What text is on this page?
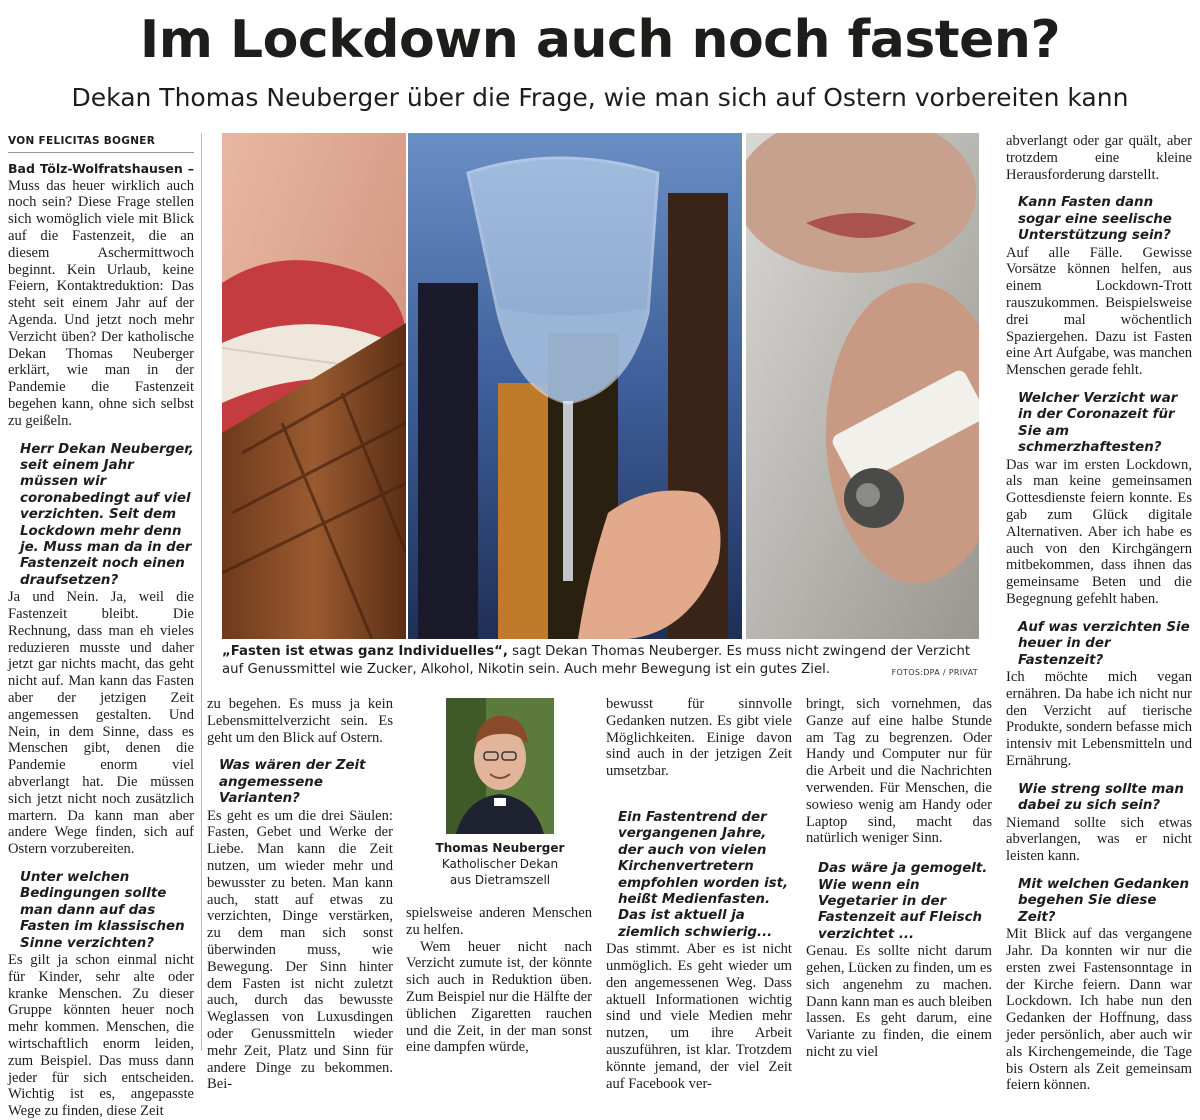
Im Lockdown auch noch fasten?
Dekan Thomas Neuberger über die Frage, wie man sich auf Ostern vorbereiten kann
VON FELICITAS BOGNER

Bad Tölz-Wolfratshausen – Muss das heuer wirklich auch noch sein? Diese Frage stellen sich womöglich viele mit Blick auf die Fastenzeit, die an diesem Aschermittwoch beginnt. Kein Urlaub, keine Feiern, Kontaktreduktion: Das steht seit einem Jahr auf der Agenda. Und jetzt noch mehr Verzicht üben? Der katholische Dekan Thomas Neuberger erklärt, wie man in der Pandemie die Fastenzeit begehen kann, ohne sich selbst zu geißeln.

Herr Dekan Neuberger, seit einem Jahr müssen wir coronabedingt auf viel verzichten. Seit dem Lockdown mehr denn je. Muss man da in der Fastenzeit noch einen draufsetzen?

Ja und Nein. Ja, weil die Fastenzeit bleibt. Die Rechnung, dass man eh vieles reduzieren musste und daher jetzt gar nichts macht, das geht nicht auf. Man kann das Fasten aber der jetzigen Zeit angemessen gestalten. Und Nein, in dem Sinne, dass es Menschen gibt, denen die Pandemie enorm viel abverlangt hat. Die müssen sich jetzt nicht noch zusätzlich martern. Da kann man aber andere Wege finden, sich auf Ostern vorzubereiten.

Unter welchen Bedingungen sollte man dann auf das Fasten im klassischen Sinne verzichten?

Es gilt ja schon einmal nicht für Kinder, sehr alte oder kranke Menschen. Zu dieser Gruppe könnten heuer noch mehr kommen. Menschen, die wirtschaftlich enorm leiden, zum Beispiel. Das muss dann jeder für sich entscheiden. Wichtig ist es, angepasste Wege zu finden, diese Zeit

„Fasten ist etwas ganz Individuelles“, sagt Dekan Thomas Neuberger. Es muss nicht zwingend der Verzicht auf Genussmittel wie Zucker, Alkohol, Nikotin sein. Auch mehr Bewegung ist ein gutes Ziel.	FOTOS:DPA / PRIVAT

zu begehen. Es muss ja kein Lebensmittelverzicht sein. Es geht um den Blick auf Ostern.

Was wären der Zeit angemessene Varianten?

Es geht es um die drei Säulen: Fasten, Gebet und Werke der Liebe. Man kann die Zeit nutzen, um wieder mehr und bewusster zu beten. Man kann auch, statt auf etwas zu verzichten, Dinge verstärken, zu dem man sich sonst überwinden muss, wie Bewegung. Der Sinn hinter dem Fasten ist nicht zuletzt auch, durch das bewusste Weglassen von Luxusdingen oder Genussmitteln wieder mehr Zeit, Platz und Sinn für andere Dinge zu bekommen. Bei-

Thomas Neuberger
Katholischer Dekan
aus Dietramszell

spielsweise anderen Menschen zu helfen.

Wem heuer nicht nach Verzicht zumute ist, der könnte sich auch in Reduktion üben. Zum Beispiel nur die Hälfte der üblichen Zigaretten rauchen und die Zeit, in der man sonst eine dampfen würde,

bewusst für sinnvolle Gedanken nutzen. Es gibt viele Möglichkeiten. Einige davon sind auch in der jetzigen Zeit umsetzbar.

Ein Fastentrend der vergangenen Jahre, der auch von vielen Kirchenvertretern empfohlen worden ist, heißt Medienfasten. Das ist aktuell ja ziemlich schwierig...

Das stimmt. Aber es ist nicht unmöglich. Es geht wieder um den angemessenen Weg. Dass aktuell Informationen wichtig sind und viele Medien mehr nutzen, um ihre Arbeit auszuführen, ist klar. Trotzdem könnte jemand, der viel Zeit auf Facebook ver-

bringt, sich vornehmen, das Ganze auf eine halbe Stunde am Tag zu begrenzen. Oder Handy und Computer nur für die Arbeit und die Nachrichten verwenden. Für Menschen, die sowieso wenig am Handy oder Laptop sind, macht das natürlich weniger Sinn.

Das wäre ja gemogelt. Wie wenn ein Vegetarier in der Fastenzeit auf Fleisch verzichtet ...

Genau. Es sollte nicht darum gehen, Lücken zu finden, um es sich angenehm zu machen. Dann kann man es auch bleiben lassen. Es geht darum, eine Variante zu finden, die einem nicht zu viel

abverlangt oder gar quält, aber trotzdem eine kleine Herausforderung darstellt.

Kann Fasten dann sogar eine seelische Unterstützung sein?

Auf alle Fälle. Gewisse Vorsätze können helfen, aus einem Lockdown-Trott rauszukommen. Beispielsweise drei mal wöchentlich Spaziergehen. Dazu ist Fasten eine Art Aufgabe, was manchen Menschen gerade fehlt.

Welcher Verzicht war in der Coronazeit für Sie am schmerzhaftesten?

Das war im ersten Lockdown, als man keine gemeinsamen Gottesdienste feiern konnte. Es gab zum Glück digitale Alternativen. Aber ich habe es auch von den Kirchgängern mitbekommen, dass ihnen das gemeinsame Beten und die Begegnung gefehlt haben.

Auf was verzichten Sie heuer in der Fastenzeit?

Ich möchte mich vegan ernähren. Da habe ich nicht nur den Verzicht auf tierische Produkte, sondern befasse mich intensiv mit Lebensmitteln und Ernährung.

Wie streng sollte man dabei zu sich sein?

Niemand sollte sich etwas abverlangen, was er nicht leisten kann.

Mit welchen Gedanken begehen Sie diese Zeit?

Mit Blick auf das vergangene Jahr. Da konnten wir nur die ersten zwei Fastensonntage in der Kirche feiern. Dann war Lockdown. Ich habe nun den Gedanken der Hoffnung, dass jeder persönlich, aber auch wir als Kirchengemeinde, die Tage bis Ostern als Zeit gemeinsam feiern können.
